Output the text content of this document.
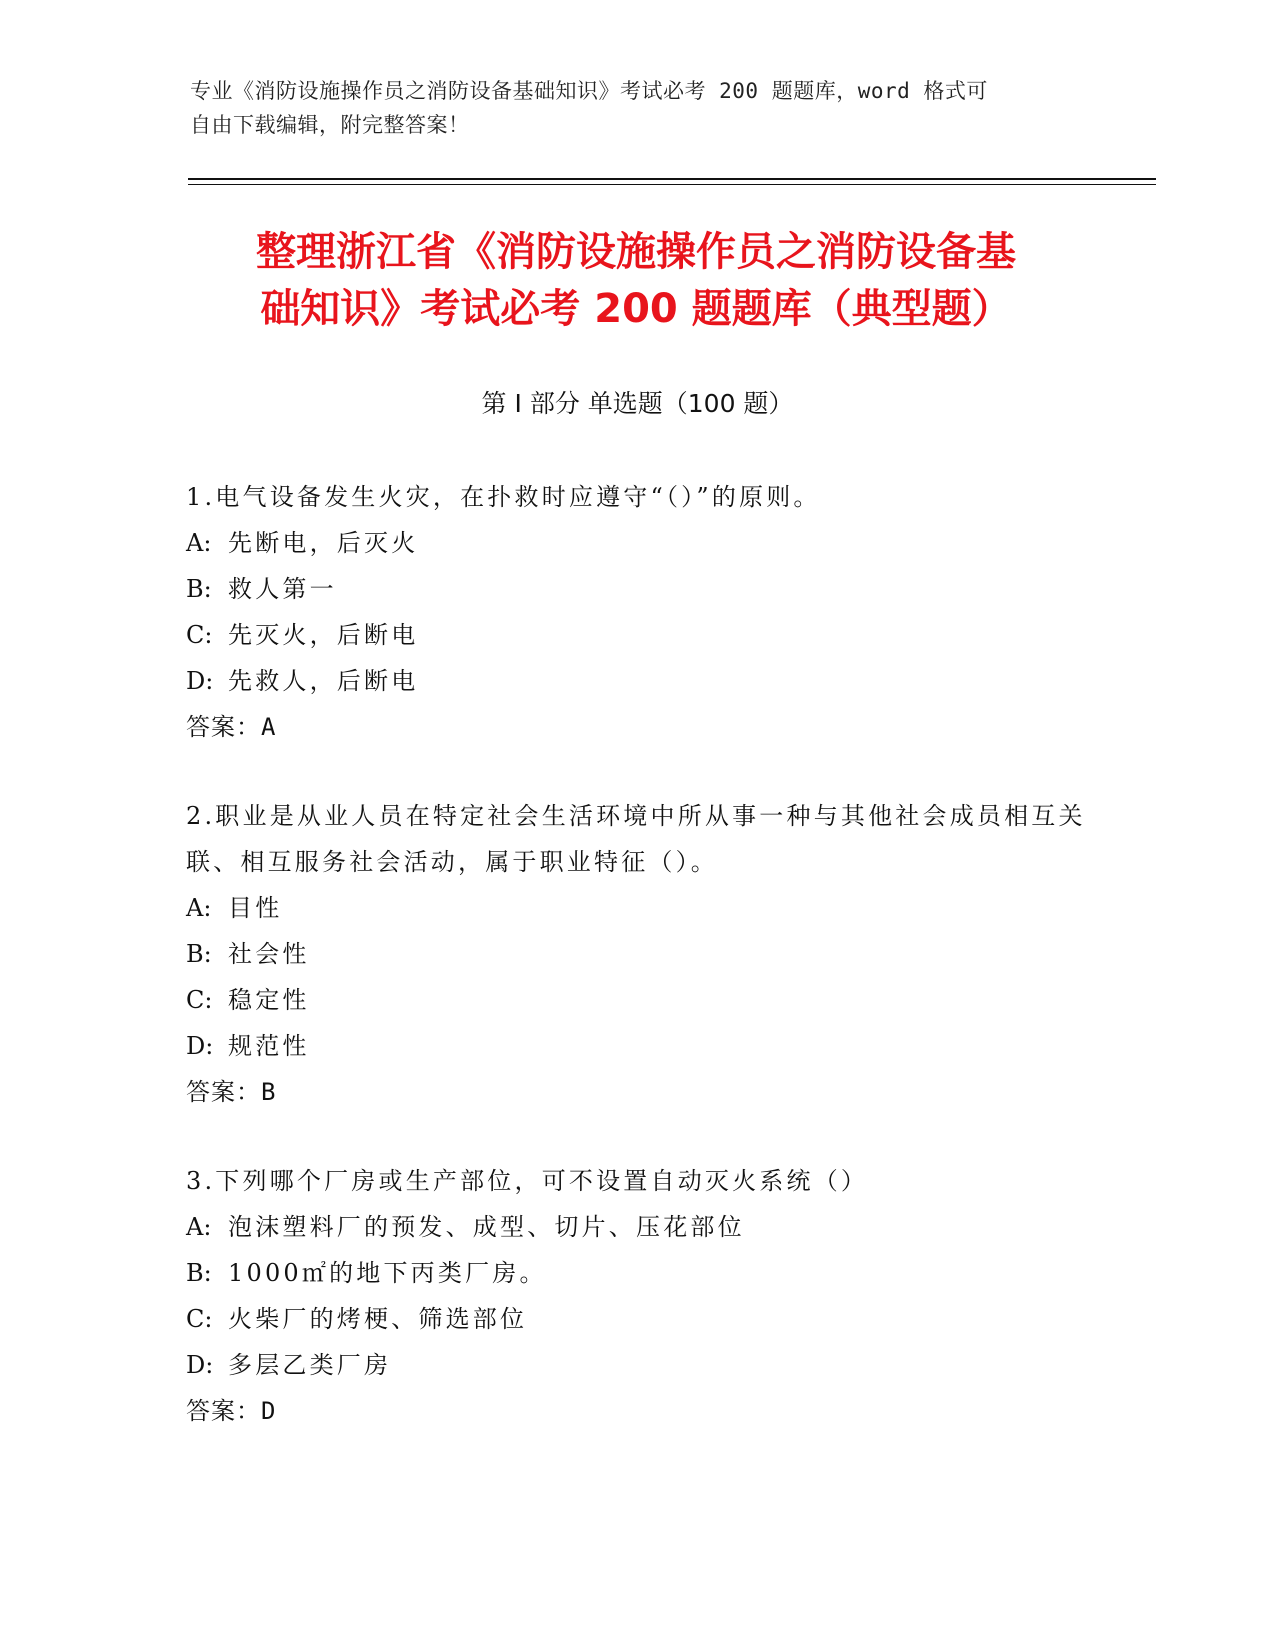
专业《消防设施操作员之消防设备基础知识》考试必考 200 题题库，word 格式可
自由下载编辑，附完整答案！
整理浙江省《消防设施操作员之消防设备基
础知识》考试必考 200 题题库（典型题）
第 I 部分 单选题（100 题）
1.电气设备发生火灾，在扑救时应遵守“（）”的原则。
A: 先断电，后灭火
B: 救人第一
C: 先灭火，后断电
D: 先救人，后断电
答案：A
2.职业是从业人员在特定社会生活环境中所从事一种与其他社会成员相互关联、相互服务社会活动，属于职业特征（）。
A: 目性
B: 社会性
C: 稳定性
D: 规范性
答案：B
3.下列哪个厂房或生产部位，可不设置自动灭火系统（）
A: 泡沫塑料厂的预发、成型、切片、压花部位
B: 1000㎡的地下丙类厂房。
C: 火柴厂的烤梗、筛选部位
D: 多层乙类厂房
答案：D
